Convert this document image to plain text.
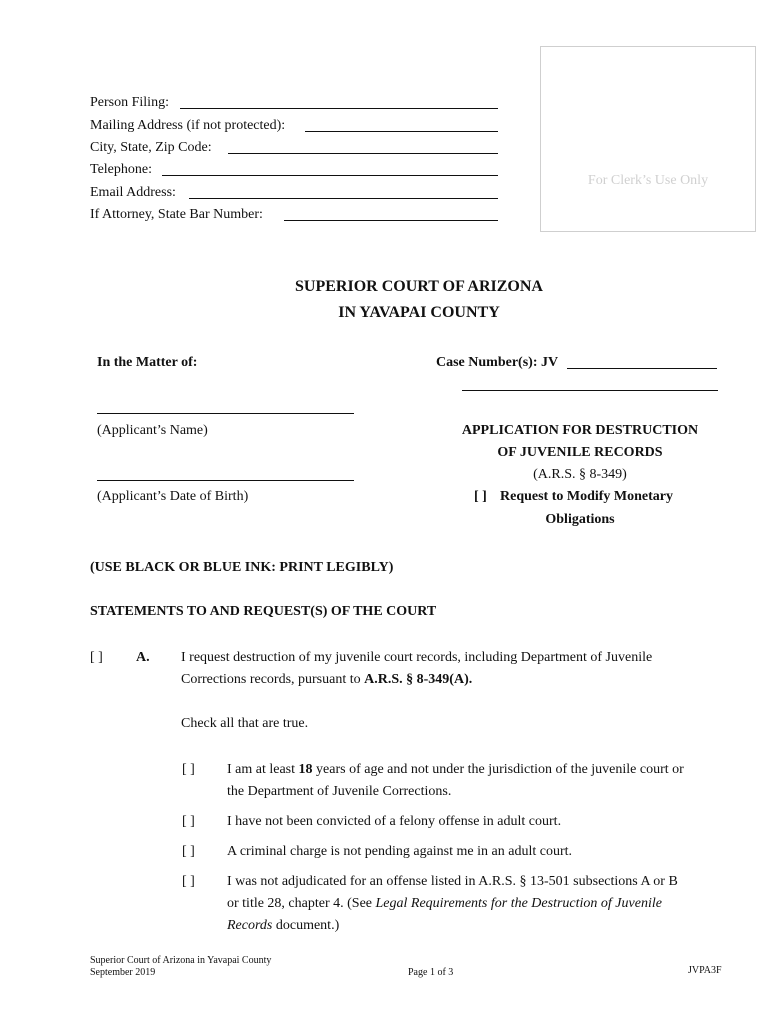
Person Filing:
Mailing Address (if not protected):
City, State, Zip Code:
Telephone:
Email Address:
If Attorney, State Bar Number:
For Clerk’s Use Only
SUPERIOR COURT OF ARIZONA
IN YAVAPAI COUNTY
In the Matter of:	Case Number(s): JV
(Applicant’s Name)
(Applicant’s Date of Birth)
APPLICATION FOR DESTRUCTION
OF JUVENILE RECORDS
(A.R.S. § 8-349)
[ ] Request to Modify Monetary
Obligations
(USE BLACK OR BLUE INK: PRINT LEGIBLY)
STATEMENTS TO AND REQUEST(S) OF THE COURT
[ ] A. I request destruction of my juvenile court records, including Department of Juvenile
Corrections records, pursuant to A.R.S. § 8-349(A).
Check all that are true.
[ ] I am at least 18 years of age and not under the jurisdiction of the juvenile court or
the Department of Juvenile Corrections.
[ ] I have not been convicted of a felony offense in adult court.
[ ] A criminal charge is not pending against me in an adult court.
[ ] I was not adjudicated for an offense listed in A.R.S. § 13-501 subsections A or B
or title 28, chapter 4. (See Legal Requirements for the Destruction of Juvenile
Records document.)
Superior Court of Arizona in Yavapai County
September 2019	Page 1 of 3	JVPA3F
